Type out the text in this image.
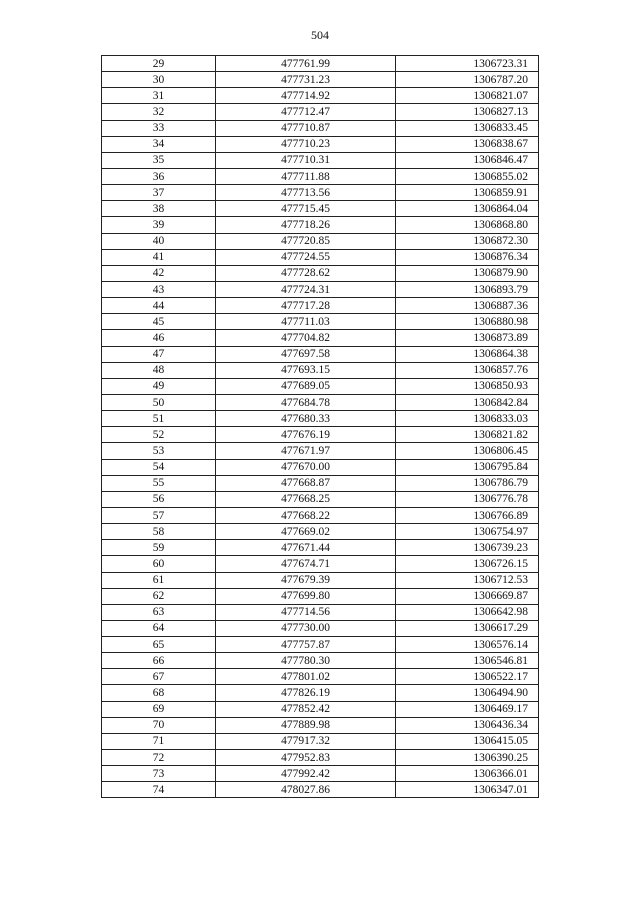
504
29	477761.99	1306723.31
30	477731.23	1306787.20
31	477714.92	1306821.07
32	477712.47	1306827.13
33	477710.87	1306833.45
34	477710.23	1306838.67
35	477710.31	1306846.47
36	477711.88	1306855.02
37	477713.56	1306859.91
38	477715.45	1306864.04
39	477718.26	1306868.80
40	477720.85	1306872.30
41	477724.55	1306876.34
42	477728.62	1306879.90
43	477724.31	1306893.79
44	477717.28	1306887.36
45	477711.03	1306880.98
46	477704.82	1306873.89
47	477697.58	1306864.38
48	477693.15	1306857.76
49	477689.05	1306850.93
50	477684.78	1306842.84
51	477680.33	1306833.03
52	477676.19	1306821.82
53	477671.97	1306806.45
54	477670.00	1306795.84
55	477668.87	1306786.79
56	477668.25	1306776.78
57	477668.22	1306766.89
58	477669.02	1306754.97
59	477671.44	1306739.23
60	477674.71	1306726.15
61	477679.39	1306712.53
62	477699.80	1306669.87
63	477714.56	1306642.98
64	477730.00	1306617.29
65	477757.87	1306576.14
66	477780.30	1306546.81
67	477801.02	1306522.17
68	477826.19	1306494.90
69	477852.42	1306469.17
70	477889.98	1306436.34
71	477917.32	1306415.05
72	477952.83	1306390.25
73	477992.42	1306366.01
74	478027.86	1306347.01
